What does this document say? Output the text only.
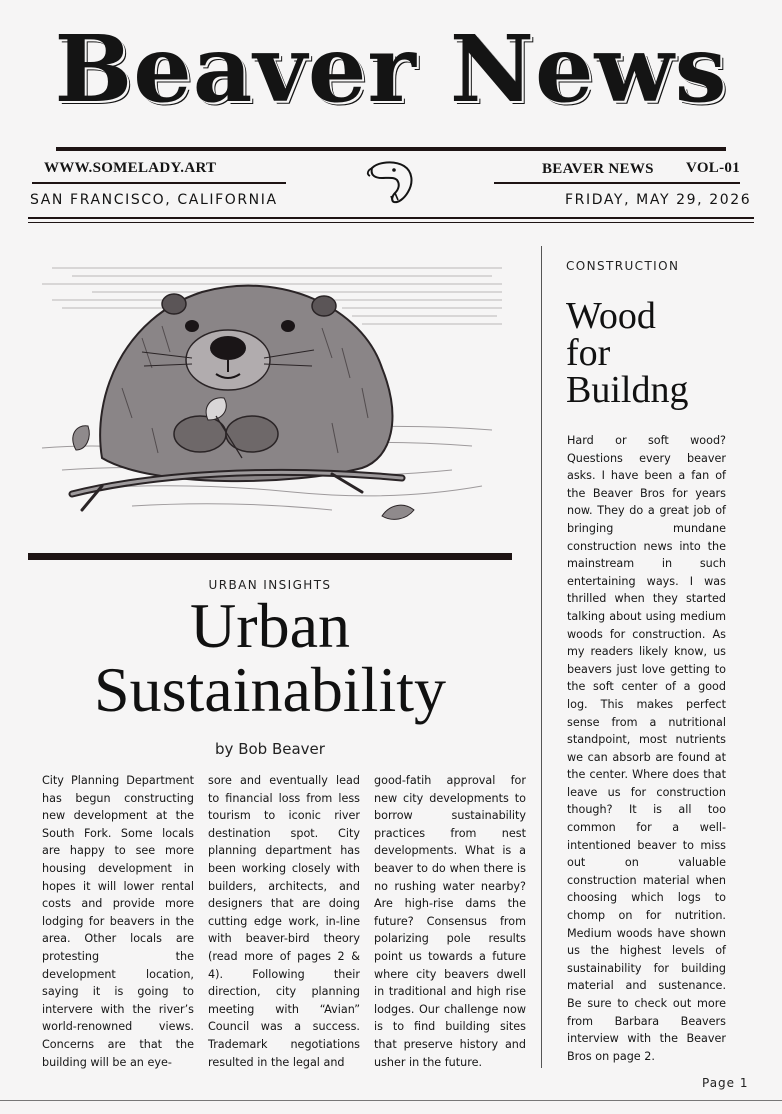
Beaver News
WWW.SOMELADY.ART	BEAVER NEWS VOL-01
SAN FRANCISCO, CALIFORNIA	FRIDAY, MAY 29, 2026
URBAN INSIGHTS
Urban
Sustainability
by Bob Beaver
City Planning Department has begun constructing new development at the South Fork. Some locals are happy to see more housing development in hopes it will lower rental costs and provide more lodging for beavers in the area. Other locals are protesting the development location, saying it is going to intervere with the river’s world-renowned views. Concerns are that the building will be an eye-
sore and eventually lead to financial loss from less tourism to iconic river destination spot. City planning department has been working closely with builders, architects, and designers that are doing cutting edge work, in-line with beaver-bird theory (read more of pages 2 & 4). Following their direction, city planning meeting with “Avian” Council was a success. Trademark negotiations resulted in the legal and
good-fatih approval for new city developments to borrow sustainability practices from nest developments. What is a beaver to do when there is no rushing water nearby? Are high-rise dams the future? Consensus from polarizing pole results point us towards a future where city beavers dwell in traditional and high rise lodges. Our challenge now is to find building sites that preserve history and usher in the future.
CONSTRUCTION
Wood
for
Buildng
Hard or soft wood? Questions every beaver asks. I have been a fan of the Beaver Bros for years now. They do a great job of bringing mundane construction news into the mainstream in such entertaining ways. I was thrilled when they started talking about using medium woods for construction. As my readers likely know, us beavers just love getting to the soft center of a good log. This makes perfect sense from a nutritional standpoint, most nutrients we can absorb are found at the center. Where does that leave us for construction though? It is all too common for a well-intentioned beaver to miss out on valuable construction material when choosing which logs to chomp on for nutrition. Medium woods have shown us the highest levels of sustainability for building material and sustenance. Be sure to check out more from Barbara Beavers interview with the Beaver Bros on page 2.
Page 1
